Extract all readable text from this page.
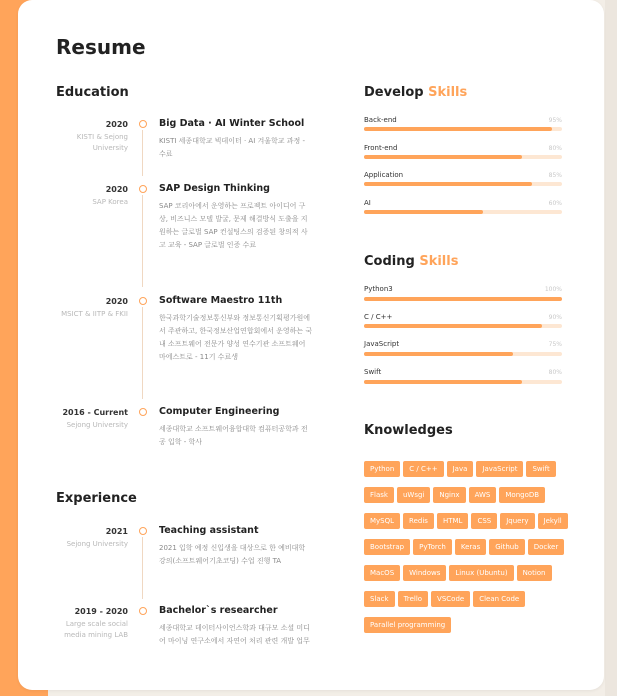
Resume
Education
2020
KISTI & Sejong University
Big Data · AI Winter School
KISTI 세종대학교 빅데이터 · AI 겨울학교 과정 - 수료
2020
SAP Korea
SAP Design Thinking
SAP 코리아에서 운영하는 프로젝트 아이디어 구상, 비즈니스 모델 발굴, 문제 해결방식 도출을 지원하는 글로벌 SAP 컨설팅스의 검증된 창의적 사고 교육 - SAP 글로벌 인증 수료
2020
MSICT & IITP & FKII
Software Maestro 11th
한국과학기술정보통신부와 정보통신기획평가원에서 주관하고, 한국정보산업연합회에서 운영하는 국내 소프트웨어 전문가 양성 연수기관 소프트웨어 마에스트로 - 11기 수료생
2016 - Current
Sejong University
Computer Engineering
세종대학교 소프트웨어융합대학 컴퓨터공학과 전공 입학 - 학사
Experience
2021
Sejong University
Teaching assistant
2021 입학 예정 신입생을 대상으로 한 예비대학 강의(소프트웨어기초코딩) 수업 진행 TA
2019 - 2020
Large scale social media mining LAB
Bachelor`s researcher
세종대학교 데이터사이언스학과 대규모 소셜 미디어 마이닝 연구소에서 자연어 처리 관련 개발 업무
Develop Skills
Back-end	95%
Front-end	80%
Application	85%
AI	60%
Coding Skills
Python3	100%
C / C++	90%
JavaScript	75%
Swift	80%
Knowledges
Python C / C++ Java JavaScript SwiftFlask uWsgi Nginx AWS MongoDBMySQL Redis HTML CSS Jquery JekyllBootstrap PyTorch Keras Github DockerMacOS Windows Linux (Ubuntu) NotionSlack Trello VSCode Clean CodeParallel programming
